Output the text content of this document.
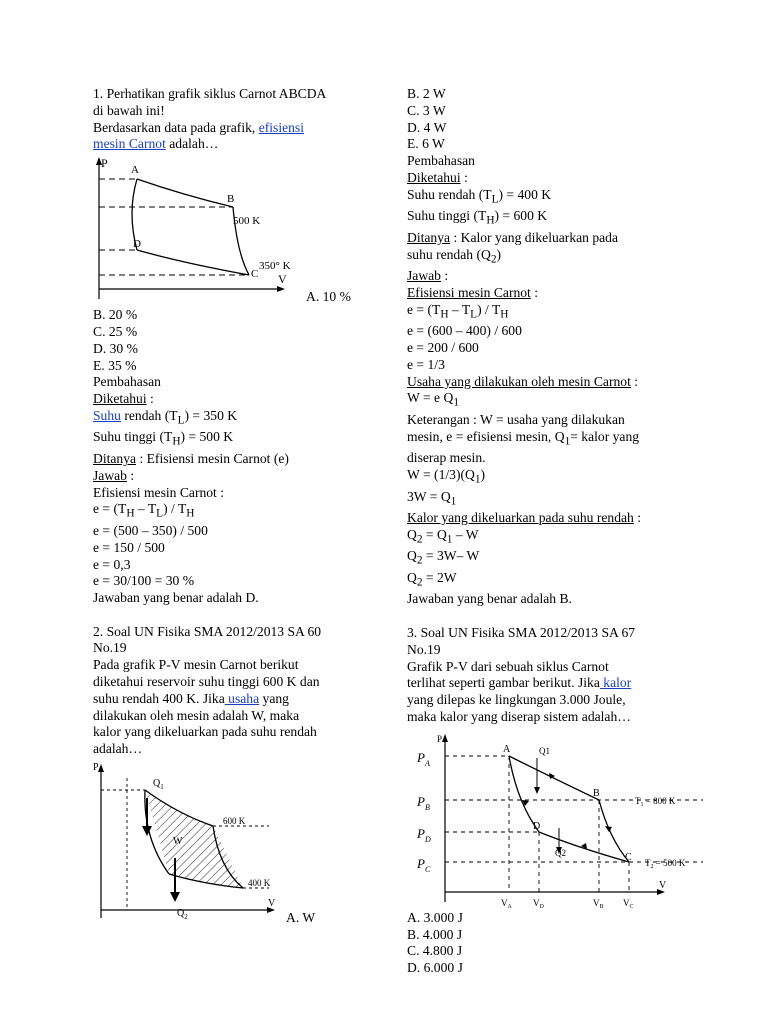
1. Perhatikan grafik siklus Carnot ABCDA
di bawah ini!
Berdasarkan data pada grafik, efisiensi
mesin Carnot adalah…
P
V
A
B
500 K
D
C
350° K
A. 10 %
B. 20 %
C. 25 %
D. 30 %
E. 35 %
Pembahasan
Diketahui :
Suhu rendah $(T_L) = 350$ K
Suhu tinggi $(T_H) = 500$ K
Ditanya : Efisiensi mesin Carnot (e)
Jawab :
Efisiensi mesin Carnot :
$e = (T_H - T_L) / T_H$
e = (500 – 350) / 500
e = 150 / 500
e = 0,3
e = 30/100 = 30 %
Jawaban yang benar adalah D.
2. Soal UN Fisika SMA 2012/2013 SA 60
No.19
Pada grafik P-V mesin Carnot berikut
diketahui reservoir suhu tinggi 600 K dan
suhu rendah 400 K. Jika usaha yang
dilakukan oleh mesin adalah W, maka
kalor yang dikeluarkan pada suhu rendah
adalah…
P
V
$Q_1$
$Q_2$
W
600 K
400 K
A. W
B. 2 W
C. 3 W
D. 4 W
E. 6 W
Pembahasan
Diketahui :
Suhu rendah $(T_L) = 400$ K
Suhu tinggi $(T_H) = 600$ K
Ditanya : Kalor yang dikeluarkan pada
suhu rendah $(Q_2)$
Jawab :
Efisiensi mesin Carnot :
$e = (T_H - T_L) / T_H$
e = (600 – 400) / 600
e = 200 / 600
e = 1/3
Usaha yang dilakukan oleh mesin Carnot :
W = e $Q_1$
Keterangan : W = usaha yang dilakukan
mesin, e = efisiensi mesin, $Q_1=$ kalor yang
diserap mesin.
$W = (1/3)(Q_1)$
$3W = Q_1$
Kalor yang dikeluarkan pada suhu rendah :
$Q_2 = Q_1 - W$
$Q_2 = 3W-$ W
$Q_2 = 2W$
Jawaban yang benar adalah B.
3. Soal UN Fisika SMA 2012/2013 SA 67
No.19
Grafik P-V dari sebuah siklus Carnot
terlihat seperti gambar berikut. Jika kalor
yang dilepas ke lingkungan 3.000 Joule,
maka kalor yang diserap sistem adalah…
P
V
A
B
D
C
Q1
Q2
$P_A$
$P_B$
$P_D$
$P_C$
$V_A$ $V_D$	$V_B$ $V_C$
$T_1 = 800$ K
$T_2 = 500$ K
A. 3.000 J
B. 4.000 J
C. 4.800 J
D. 6.000 J
